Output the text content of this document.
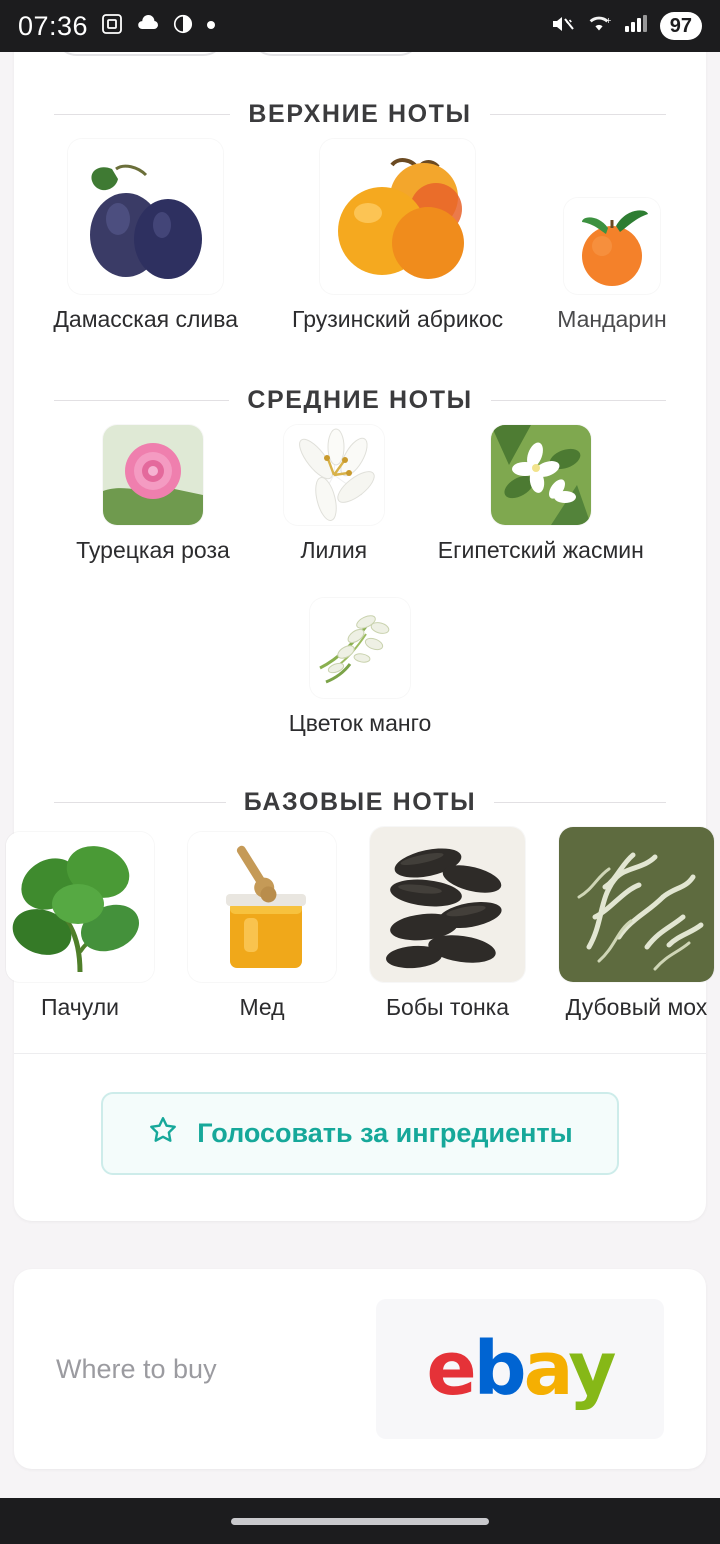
07:36	+	97
ВЕРХНИЕ НОТЫ
Дамасская слива Грузинский абрикос Мандарин
СРЕДНИЕ НОТЫ
Турецкая роза	Лилия	Египетский жасмин
Цветок манго
БАЗОВЫЕ НОТЫ
Пачули	Мед	Бобы тонка Дубовый мох
Голосовать за ингредиенты
Where to buy	ebay
